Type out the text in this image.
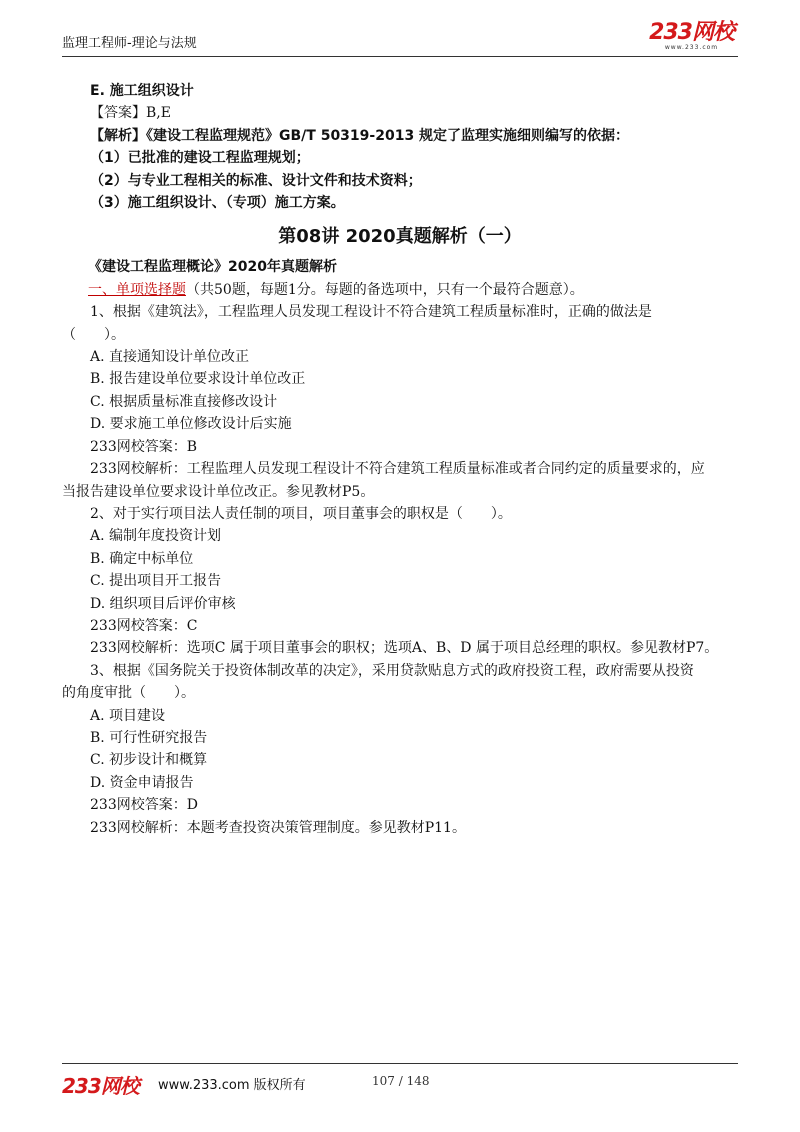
监理工程师-理论与法规	233网校
www.233.com
E. 施工组织设计
【答案】B,E
【解析】《建设工程监理规范》GB/T 50319-2013 规定了监理实施细则编写的依据：
（1）已批准的建设工程监理规划；
（2）与专业工程相关的标准、设计文件和技术资料；
（3）施工组织设计、（专项）施工方案。
第08讲 2020真题解析（一）
《建设工程监理概论》2020年真题解析
一、单项选择题（共50题，每题1分。每题的备选项中，只有一个最符合题意）。
1、根据《建筑法》，工程监理人员发现工程设计不符合建筑工程质量标准时，正确的做法是
（　　）。
A. 直接通知设计单位改正
B. 报告建设单位要求设计单位改正
C. 根据质量标准直接修改设计
D. 要求施工单位修改设计后实施
233网校答案：B
233网校解析：工程监理人员发现工程设计不符合建筑工程质量标准或者合同约定的质量要求的，应
当报告建设单位要求设计单位改正。参见教材P5。
2、对于实行项目法人责任制的项目，项目董事会的职权是（　　）。
A. 编制年度投资计划
B. 确定中标单位
C. 提出项目开工报告
D. 组织项目后评价审核
233网校答案：C
233网校解析：选项C 属于项目董事会的职权；选项A、B、D 属于项目总经理的职权。参见教材P7。
3、根据《国务院关于投资体制改革的决定》，采用贷款贴息方式的政府投资工程，政府需要从投资
的角度审批（　　）。
A. 项目建设
B. 可行性研究报告
C. 初步设计和概算
D. 资金申请报告
233网校答案：D
233网校解析：本题考查投资决策管理制度。参见教材P11。
233网校 www.233.com 版权所有	107 / 148
